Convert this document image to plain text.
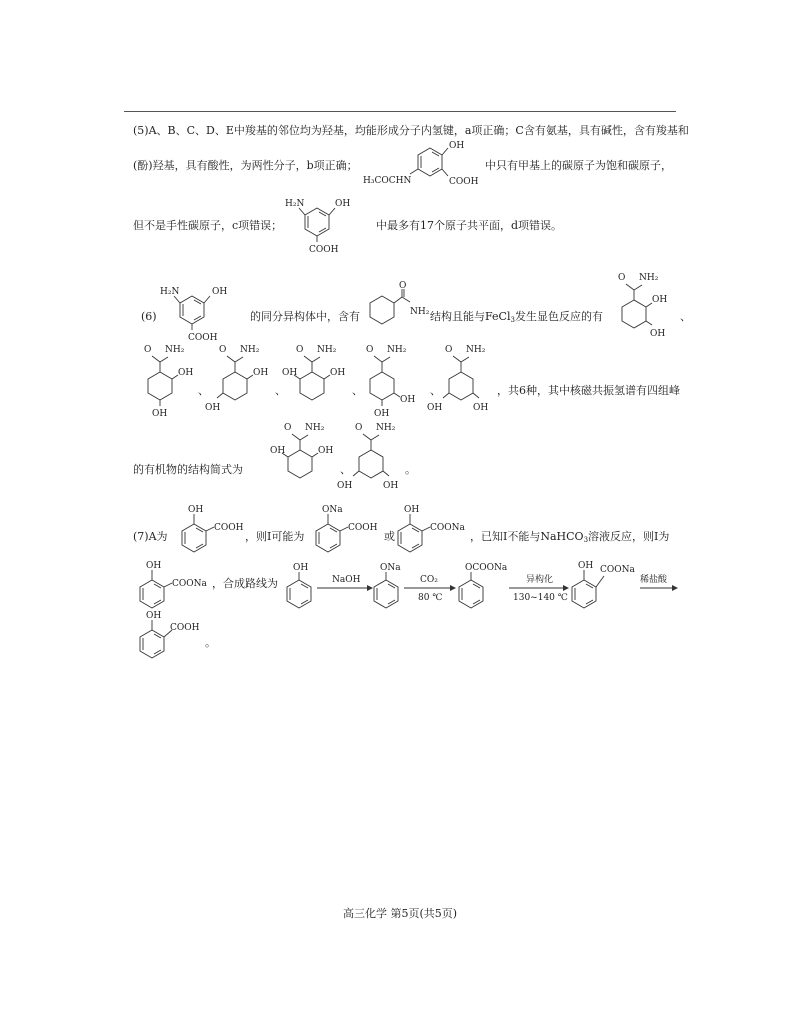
(5)A、B、C、D、E中羧基的邻位均为羟基，均能形成分子内氢键，a项正确；C含有氨基，具有碱性，含有羧基和
(酚)羟基，具有酸性，为两性分子，b项正确；	中只有甲基上的碳原子为饱和碳原子，
但不是手性碳原子，c项错误；	中最多有17个原子共平面，d项错误。
OH
H₃COCHN	COOH
H₂N	OH
COOH
(6)
H₂N	OH
COOH
的同分异构体中，含有
O
NH₂ 结构且能与FeCl$_3$发生显色反应的有
O NH₂
OH
OH
、
O NH₂
OH
OH
、
O NH₂
OH
OH
、
O NH₂
OH
OH
、
O NH₂
OH
OH
、
O NH₂
OH
OH
，共6种，其中核磁共振氢谱有四组峰
的有机物的结构简式为
O NH₂
OH
OH
、
O NH₂
OH
OH
。
(7)A为
OH
COOH
，则I可能为
ONa
COOH
或
OH
COONa
，已知I不能与NaHCO$_3$溶液反应，则I为
OH
COONa ，合成路线为
OH
NaOH
ONa
CO₂
80 ℃
OCOONa
异构化
130~140 ℃
OH COONa
稀盐酸
OH
COOH
。
高三化学 第5页(共5页)
